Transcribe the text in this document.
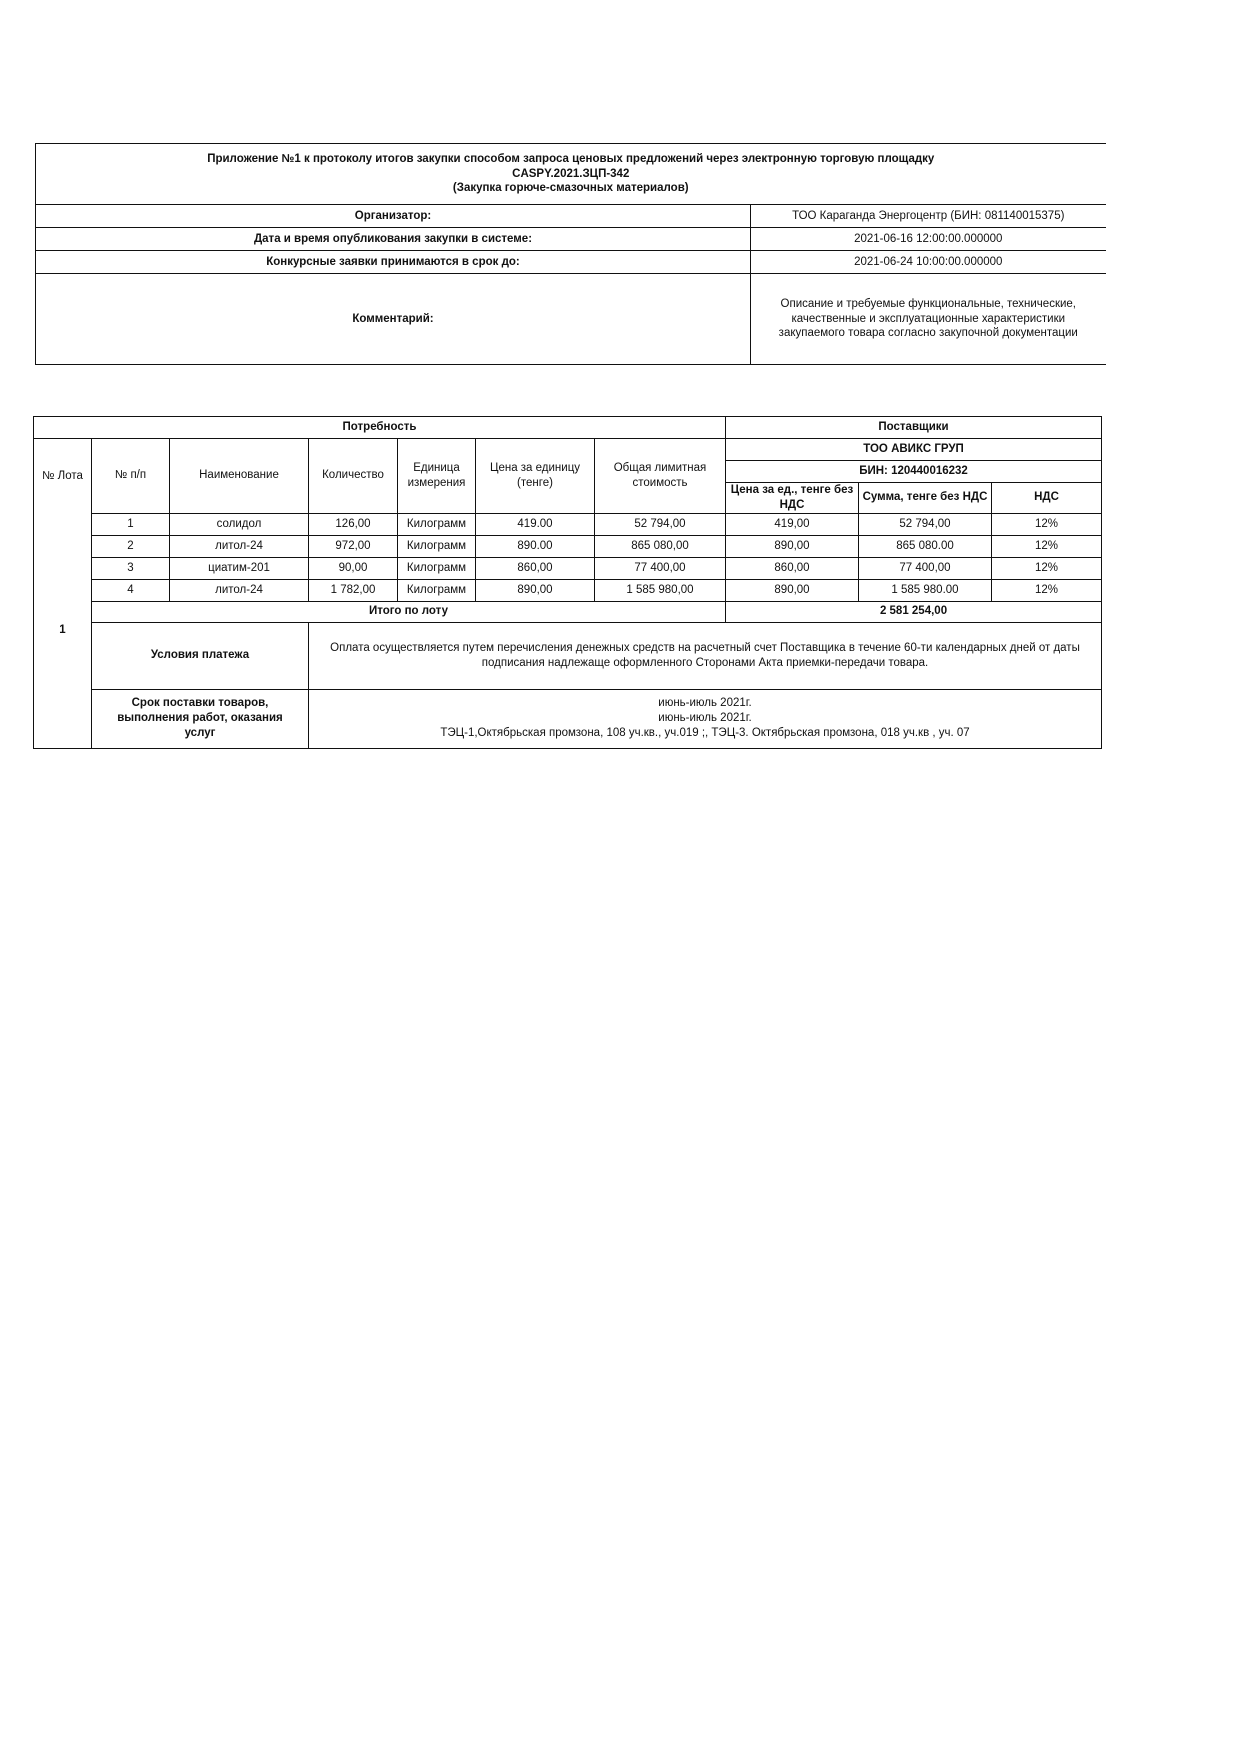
Приложение №1 к протоколу итогов закупки способом запроса ценовых предложений через электронную торговую площадку
CASPY.2021.ЗЦП-342
(Закупка горюче-смазочных материалов)	

Организатор:	ТОО Караганда Энергоцентр (БИН: 081140015375)
Дата и время опубликования закупки в системе:	2021-06-16 12:00:00.000000
Конкурсные заявки принимаются в срок до:	2021-06-24 10:00:00.000000
Комментарий:	Описание и требуемые функциональные, технические, качественные и эксплуатационные характеристики закупаемого товара согласно закупочной документации
Потребность							Поставщики		
№ Лота	№ п/п	Наименование	Количество	Единица измерения	Цена за единицу (тенге)	Общая лимитная стоимость	ТОО АВИКС ГРУП		
							БИН: 120440016232		
							Цена за ед., тенге без НДС	Сумма, тенге без НДС	НДС
1	1	солидол	126,00	Килограмм	419.00	52 794,00	419,00	52 794,00	12%
	2	литол-24	972,00	Килограмм	890.00	865 080,00	890,00	865 080.00	12%
	3	циатим-201	90,00	Килограмм	860,00	77 400,00	860,00	77 400,00	12%
	4	литол-24	1 782,00	Килограмм	890,00	1 585 980,00	890,00	1 585 980.00	12%
	Итого по лоту						2 581 254,00		
	Условия платежа		Оплата осуществляется путем перечисления денежных средств на расчетный счет Поставщика в течение 60-ти календарных дней от даты подписания надлежаще оформленного Сторонами Акта приемки-передачи товара.						
	Срок поставки товаров, выполнения работ, оказания услуг		июнь-июль 2021г.
июнь-июль 2021г.
ТЭЦ-1,Октябрьская промзона, 108 уч.кв., уч.019 ;, ТЭЦ-3. Октябрьская промзона, 018 уч.кв , уч. 07						
